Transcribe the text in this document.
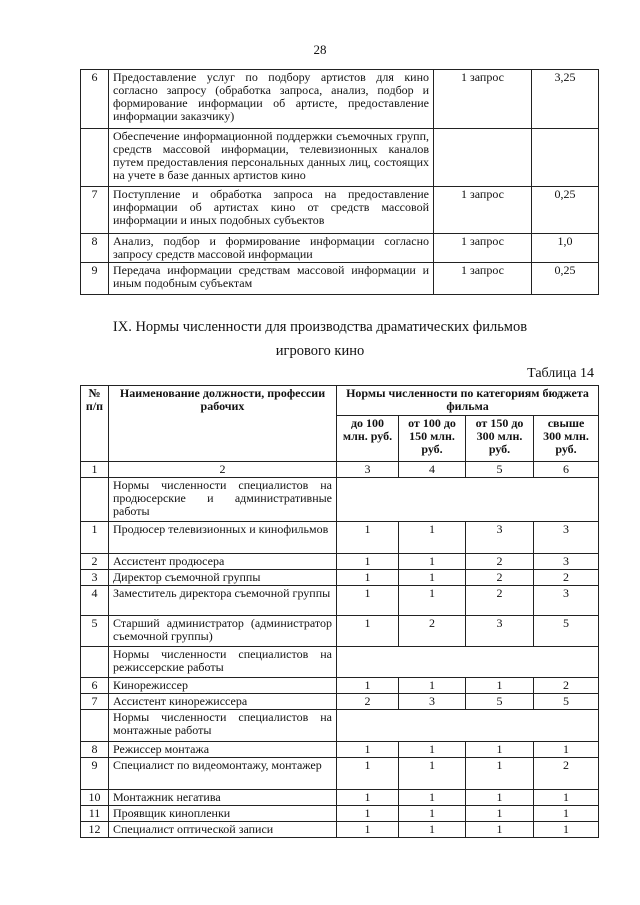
28
6	Предоставление услуг по подбору артистов для кино согласно запросу (обработка запроса, анализ, подбор и формирование информации об артисте, предоставление информации заказчику)	1 запрос	3,25
	Обеспечение информационной поддержки съемочных групп, средств массовой информации, телевизионных каналов путем предоставления персональных данных лиц, состоящих на учете в базе данных артистов кино		
7	Поступление и обработка запроса на предоставление информации об артистах кино от средств массовой информации и иных подобных субъектов	1 запрос	0,25
8	Анализ, подбор и формирование информации согласно запросу средств массовой информации	1 запрос	1,0
9	Передача информации средствам массовой информации и иным подобным субъектам	1 запрос	0,25
IX. Нормы численности для производства драматических фильмов
игрового кино
Таблица 14
№ п/п	Наименование должности, профессии рабочих	Нормы численности по категориям бюджета фильма			
		до 100 млн. руб.	от 100 до 150 млн. руб.	от 150 до 300 млн. руб.	свыше 300 млн. руб.
1	2	3	4	5	6
	Нормы численности специалистов на продюсерские и административные работы				
1	Продюсер телевизионных и кинофильмов	1	1	3	3
2	Ассистент продюсера	1	1	2	3
3	Директор съемочной группы	1	1	2	2
4	Заместитель директора съемочной группы	1	1	2	3
5	Старший администратор (администратор съемочной группы)	1	2	3	5
	Нормы численности специалистов на режиссерские работы				
6	Кинорежиссер	1	1	1	2
7	Ассистент кинорежиссера	2	3	5	5
	Нормы численности специалистов на монтажные работы				
8	Режиссер монтажа	1	1	1	1
9	Специалист по видеомонтажу, монтажер	1	1	1	2
10	Монтажник негатива	1	1	1	1
11	Проявщик кинопленки	1	1	1	1
12	Специалист оптической записи	1	1	1	1
